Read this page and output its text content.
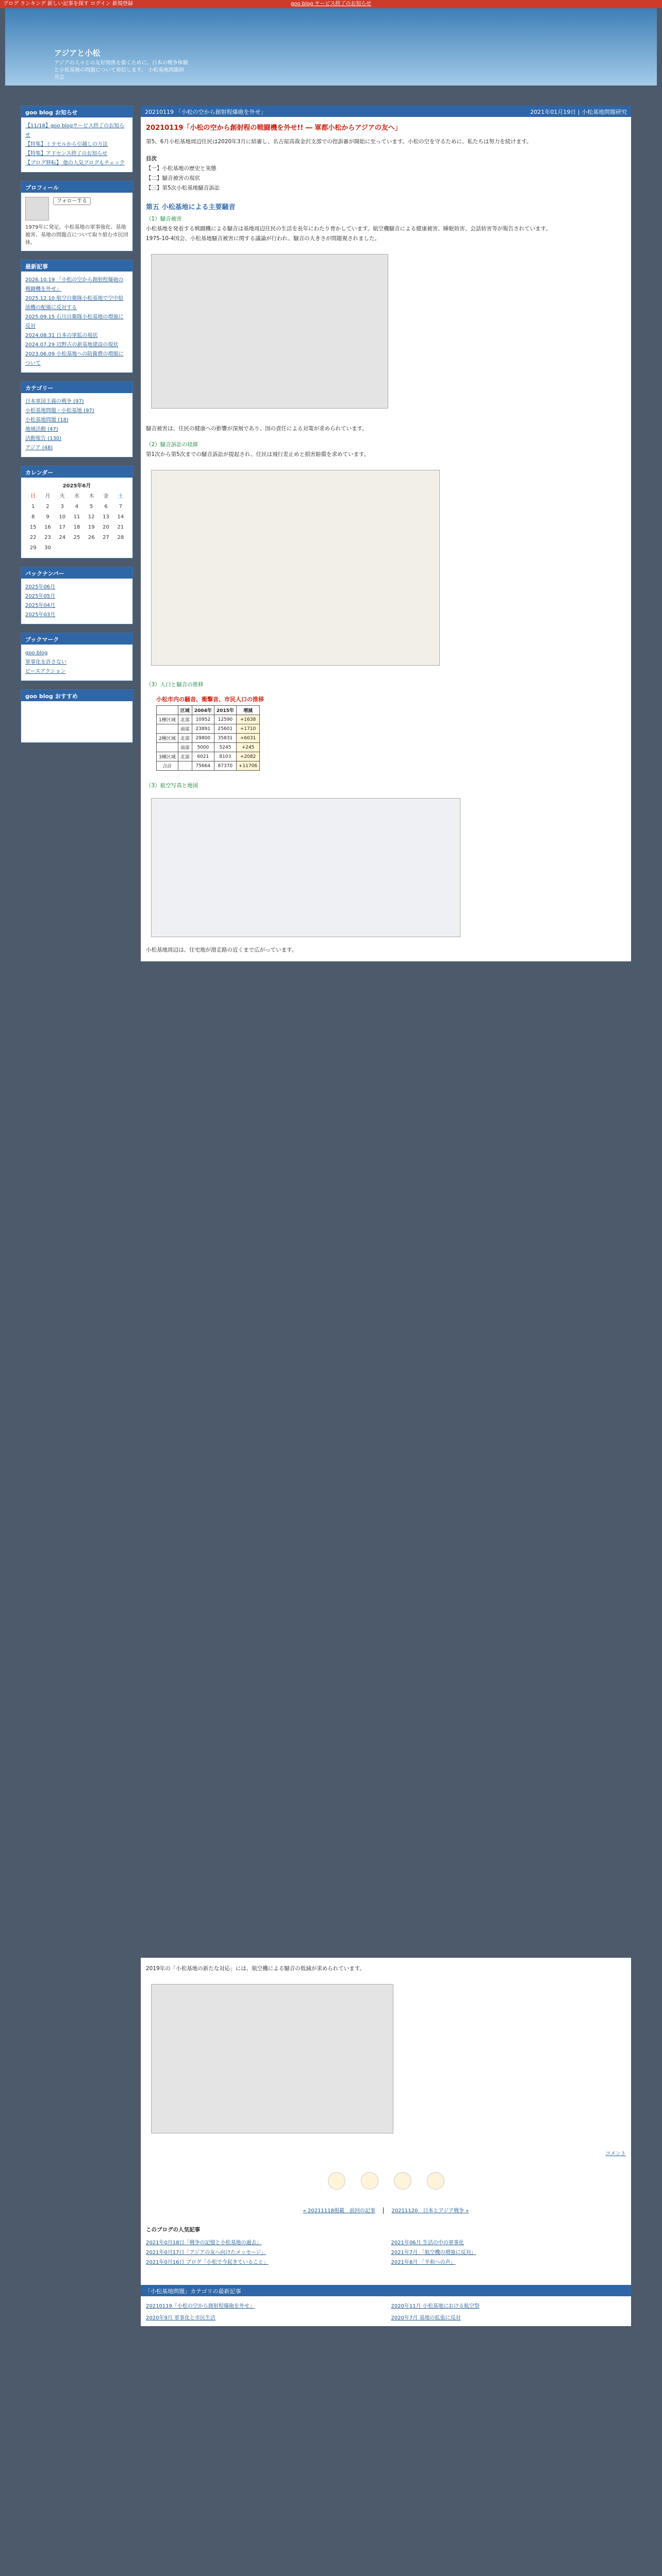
ブログ ランキング 新しい記事を探す ログイン 新規登録	goo blog サービス終了のお知らせ
アジアと小松
アジアの人々との友好関係を築くために、日本の戦争体験と小松基地の問題について発信します。 小松基地問題研究会
goo blog お知らせ
【11/18】goo blogサービス終了のお知らせ
【特集】ミラセルから引越しの方法
【特集】アドセンス終了のお知らせ
【ブログ移転】 他の人気ブログもチェック
プロフィール
フォローする
1979年に発足。小松基地の軍事強化、基地被害、基地の問題点について取り組む市民団体。
最新記事
2026.10.19 「小松の空から創射程爆砲の戦闘機を外せ」
2025.12.10 航空自衛隊小松基地で空中給油機の配備に反対する
2025.09.15 石川自衛隊小松基地の増強に反対
2024.08.31 日本の軍拡の現状
2024.07.29 辺野古の新基地建設の現状
2023.06.09 小松基地への防衛費の増額について
カテゴリー
日本軍国主義の戦争 (97)
小松基地問題・小松基地 (97)
小松基地問題 (18)
地域活動 (47)
活動報告 (130)
アジア (48)
カレンダー
2025年6月
日	月	火	水	木	金	土
1	2	3	4	5	6	7
8	9	10	11	12	13	14
15	16	17	18	19	20	21
22	23	24	25	26	27	28
29	30					
バックナンバー
2025年06月
2025年05月
2025年04月
2025年03月
ブックマーク
goo blog
軍事化を許さない
ピースアクション
goo blog おすすめ
20210119 「小松の空から創射程爆砲を外せ」	2021年01月19日 | 小松基地問題研究
20210119「小松の空から創射程の戦闘機を外せ!! ― 軍都小松からアジアの友へ」
第5、6月小松基地周辺住民は2020年3月に結審し、名古屋高裁金沢支部での控訴審が開始に至っています。小松の空を守るために、私たちは努力を続けます。
目次
【一】小松基地の歴史と実態
【二】騒音被害の現状
【三】第5次小松基地騒音訴訟
第五 小松基地による主要騒音
（1）騒音被害
小松基地を発着する戦闘機による騒音は基地周辺住民の生活を長年にわたり脅かしています。航空機騒音による健康被害、睡眠妨害、会話妨害等が報告されています。
1975-10-4国会、小松基地騒音被害に関する議論が行われ、騒音の大きさが問題視されました。
騒音被害は、住民の健康への影響が深刻であり、国の責任による対策が求められています。
（2）騒音訴訟の経緯
第1次から第5次までの騒音訴訟が提起され、住民は飛行差止めと損害賠償を求めています。
（3）人口と騒音の推移
小松市内の騒音、衝撃音、市民人口の推移
	区域	2004年	2015年	増減
1種区域	北部	10952	12590	+1638
	南部	23891	25601	+1710
2種区域	北部	29800	35831	+6031
	南部	5000	5245	+245
3種区域	北部	6021	8103	+2082
合計		75664	87370	+11706
（3）航空写真と地図
小松基地周辺は、住宅地が滑走路の近くまで広がっています。
2019年の「小松基地の新たな対応」には、航空機による騒音の低減が求められています。
コメント
« 20211118掲載　前回の記事 | 20211120　日本とアジア戦争 »
このブログの人気記事
2021年0月18日「戦争の記憶と小松基地の過去」	2021年06月 生活の中の軍事化
2021年0月17日「アジアの友へ向けたメッセージ」	2021年7月 「航空機の増強に反対」
2021年0月16日 ブログ「小松で今起きていること」	2021年8月 「平和への声」
「小松基地問題」カテゴリの最新記事
20210119「小松の空から創射程爆砲を外せ」	2020年11月 小松基地における航空祭
2020年9月 軍事化と市民生活	2020年7月 基地の拡張に反対
